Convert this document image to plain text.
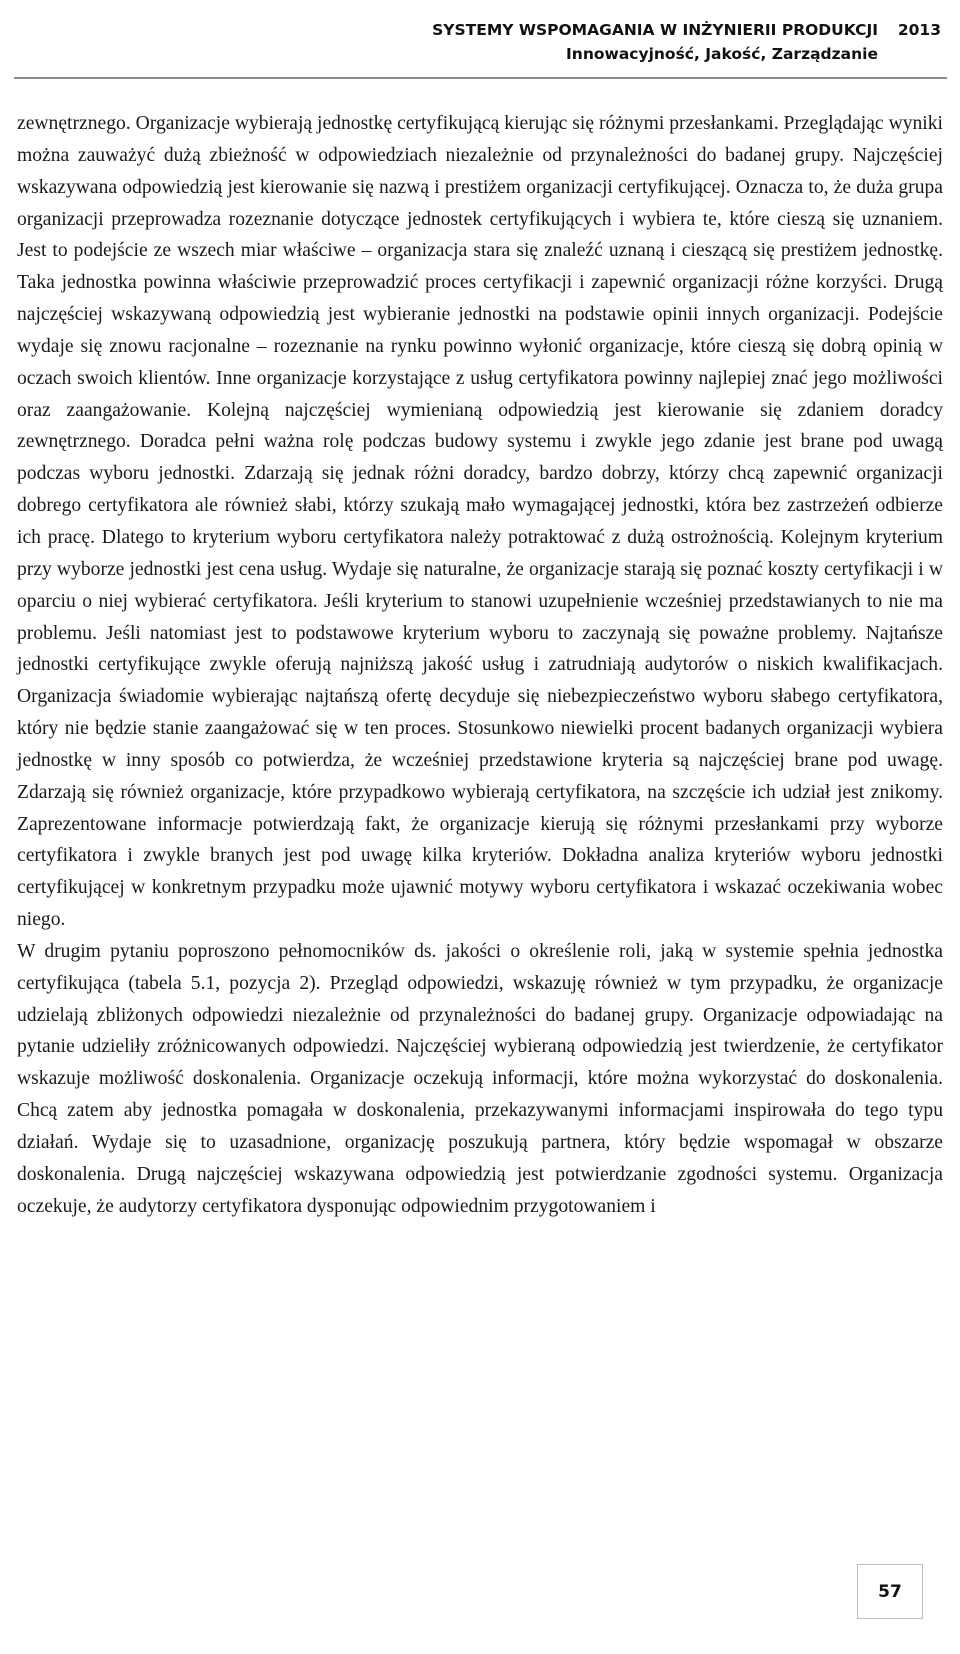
SYSTEMY WSPOMAGANIA W INŻYNIERII PRODUKCJI
Innowacyjność, Jakość, Zarządzanie
2013

zewnętrznego. Organizacje wybierają jednostkę certyfikującą kierując się różnymi przesłankami. Przeglądając wyniki można zauważyć dużą zbieżność w odpowiedziach niezależnie od przynależności do badanej grupy. Najczęściej wskazywana odpowiedzią jest kierowanie się nazwą i prestiżem organizacji certyfikującej. Oznacza to, że duża grupa organizacji przeprowadza rozeznanie dotyczące jednostek certyfikujących i wybiera te, które cieszą się uznaniem. Jest to podejście ze wszech miar właściwe – organizacja stara się znaleźć uznaną i cieszącą się prestiżem jednostkę. Taka jednostka powinna właściwie przeprowadzić proces certyfikacji i zapewnić organizacji różne korzyści. Drugą najczęściej wskazywaną odpowiedzią jest wybieranie jednostki na podstawie opinii innych organizacji. Podejście wydaje się znowu racjonalne – rozeznanie na rynku powinno wyłonić organizacje, które cieszą się dobrą opinią w oczach swoich klientów. Inne organizacje korzystające z usług certyfikatora powinny najlepiej znać jego możliwości oraz zaangażowanie. Kolejną najczęściej wymienianą odpowiedzią jest kierowanie się zdaniem doradcy zewnętrznego. Doradca pełni ważna rolę podczas budowy systemu i zwykle jego zdanie jest brane pod uwagą podczas wyboru jednostki. Zdarzają się jednak różni doradcy, bardzo dobrzy, którzy chcą zapewnić organizacji dobrego certyfikatora ale również słabi, którzy szukają mało wymagającej jednostki, która bez zastrzeżeń odbierze ich pracę. Dlatego to kryterium wyboru certyfikatora należy potraktować z dużą ostrożnością. Kolejnym kryterium przy wyborze jednostki jest cena usług. Wydaje się naturalne, że organizacje starają się poznać koszty certyfikacji i w oparciu o niej wybierać certyfikatora. Jeśli kryterium to stanowi uzupełnienie wcześniej przedstawianych to nie ma problemu. Jeśli natomiast jest to podstawowe kryterium wyboru to zaczynają się poważne problemy. Najtańsze jednostki certyfikujące zwykle oferują najniższą jakość usług i zatrudniają audytorów o niskich kwalifikacjach. Organizacja świadomie wybierając najtańszą ofertę decyduje się niebezpieczeństwo wyboru słabego certyfikatora, który nie będzie stanie zaangażować się w ten proces. Stosunkowo niewielki procent badanych organizacji wybiera jednostkę w inny sposób co potwierdza, że wcześniej przedstawione kryteria są najczęściej brane pod uwagę. Zdarzają się również organizacje, które przypadkowo wybierają certyfikatora, na szczęście ich udział jest znikomy. Zaprezentowane informacje potwierdzają fakt, że organizacje kierują się różnymi przesłankami przy wyborze certyfikatora i zwykle branych jest pod uwagę kilka kryteriów. Dokładna analiza kryteriów wyboru jednostki certyfikującej w konkretnym przypadku może ujawnić motywy wyboru certyfikatora i wskazać oczekiwania wobec niego.

W drugim pytaniu poproszono pełnomocników ds. jakości o określenie roli, jaką w systemie spełnia jednostka certyfikująca (tabela 5.1, pozycja 2). Przegląd odpowiedzi, wskazuję również w tym przypadku, że organizacje udzielają zbliżonych odpowiedzi niezależnie od przynależności do badanej grupy. Organizacje odpowiadając na pytanie udzieliły zróżnicowanych odpowiedzi. Najczęściej wybieraną odpowiedzią jest twierdzenie, że certyfikator wskazuje możliwość doskonalenia. Organizacje oczekują informacji, które można wykorzystać do doskonalenia. Chcą zatem aby jednostka pomagała w doskonalenia, przekazywanymi informacjami inspirowała do tego typu działań. Wydaje się to uzasadnione, organizację poszukują partnera, który będzie wspomagał w obszarze doskonalenia. Drugą najczęściej wskazywana odpowiedzią jest potwierdzanie zgodności systemu. Organizacja oczekuje, że audytorzy certyfikatora dysponując odpowiednim przygotowaniem i

57
